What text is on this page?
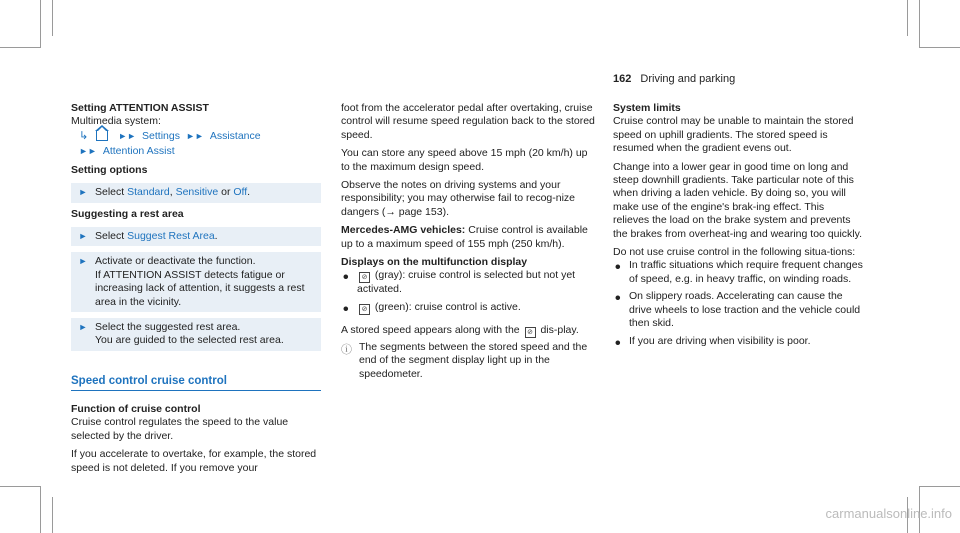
162 Driving and parking

Setting ATTENTION ASSIST

Multimedia system:

↳	►► Settings ►► Assistance
►► Attention Assist

Setting options

► Select Standard, Sensitive or Off.

Suggesting a rest area

► Select Suggest Rest Area.

► Activate or deactivate the function.

If ATTENTION ASSIST detects fatigue or increasing lack of attention, it suggests a rest area in the vicinity.

► Select the suggested rest area.

You are guided to the selected rest area.

Speed control cruise control

Function of cruise control

Cruise control regulates the speed to the value selected by the driver.

If you accelerate to overtake, for example, the stored speed is not deleted. If you remove your

foot from the accelerator pedal after overtaking, cruise control will resume speed regulation back to the stored speed.

You can store any speed above 15 mph (20 km/h) up to the maximum design speed.

Observe the notes on driving systems and your responsibility; you may otherwise fail to recog-nize dangers (→ page 153).

Mercedes-AMG vehicles: Cruise control is available up to a maximum speed of 155 mph (250 km/h).

Displays on the multifunction display

•	⊘ (gray): cruise control is selected but not yet activated.

•	⊘ (green): cruise control is active.

A stored speed appears along with the ⊘ dis-play.

ⓘ The segments between the stored speed and the end of the segment display light up in the speedometer.

System limits

Cruise control may be unable to maintain the stored speed on uphill gradients. The stored speed is resumed when the gradient evens out.

Change into a lower gear in good time on long and steep downhill gradients. Take particular note of this when driving a laden vehicle. By doing so, you will make use of the engine's brak-ing effect. This relieves the load on the brake system and prevents the brakes from overheat-ing and wearing too quickly.

Do not use cruise control in the following situa-tions:

• In traffic situations which require frequent changes of speed, e.g. in heavy traffic, on winding roads.

• On slippery roads. Accelerating can cause the drive wheels to lose traction and the vehicle could then skid.

• If you are driving when visibility is poor.

carmanualsonline.info
